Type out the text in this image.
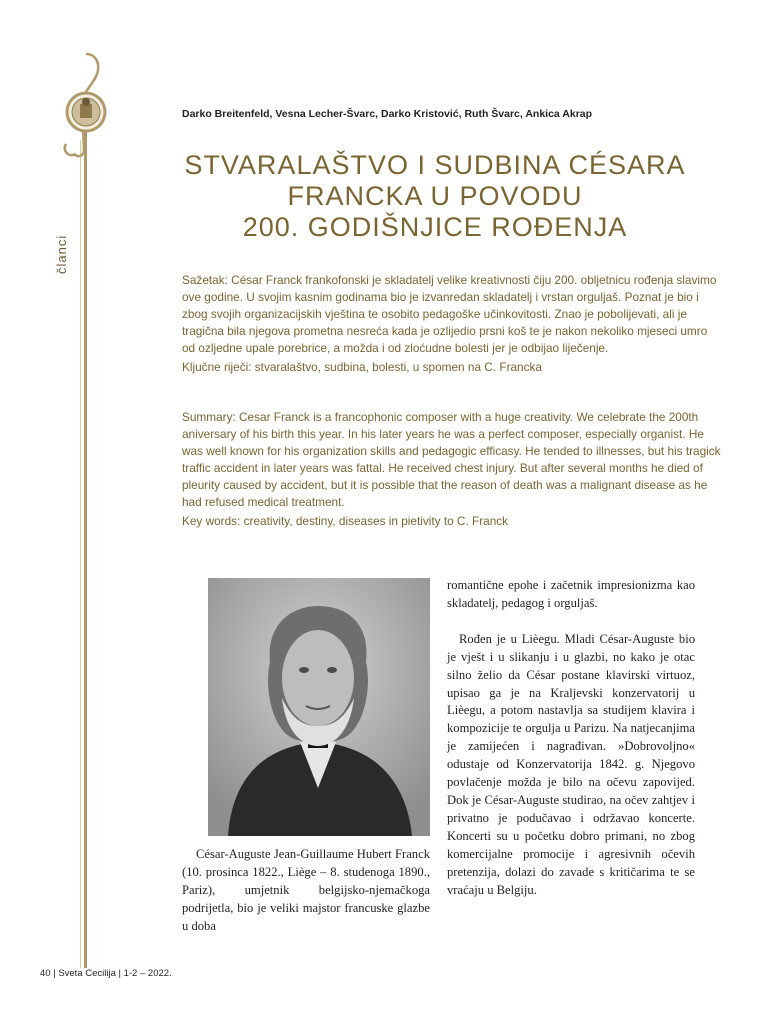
članci
Darko Breitenfeld, Vesna Lecher-Švarc, Darko Kristović, Ruth Švarc, Ankica Akrap
STVARALAŠTVO I SUDBINA CÉSARA
FRANCKA U POVODU
200. GODIŠNJICE ROĐENJA

Sažetak: César Franck frankofonski je skladatelj velike kreativnosti čiju 200. obljetnicu rođenja slavimo ove godine. U svojim kasnim godinama bio je izvanredan skladatelj i vrstan orguljaš. Poznat je bio i zbog svojih organizacijskih vještina te osobito pedagoške učinkovitosti. Znao je pobolijevati, ali je tragična bila njegova prometna nesreća kada je ozlijedio prsni koš te je nakon nekoliko mjeseci umro od ozljedne upale porebrice, a možda i od zloćudne bolesti jer je odbijao liječenje.

Ključne riječi: stvaralaštvo, sudbina, bolesti, u spomen na C. Francka

Summary: Cesar Franck is a francophonic composer with a huge creativity. We celebrate the 200th aniversary of his birth this year. In his later years he was a perfect composer, especially organist. He was well known for his organization skills and pedagogic efficasy. He tended to illnesses, but his tragick traffic accident in later years was fattal. He received chest injury. But after several months he died of pleurity caused by accident, but it is possible that the reason of death was a malignant disease as he had refused medical treatment.

Key words: creativity, destiny, diseases in pietivity to C. Franck

César-Auguste Jean-Guillaume Hubert Franck (10. prosinca 1822., Liège – 8. studenoga 1890., Pariz), umjetnik belgijsko-njemačkoga podrijetla, bio je veliki majstor francuske glazbe u doba

romantične epohe i začetnik impresionizma kao skladatelj, pedagog i orguljaš.

Rođen je u Lièegu. Mladi César-Auguste bio je vješt i u slikanju i u glazbi, no kako je otac silno želio da César postane klavirski virtuoz, upisao ga je na Kraljevski konzervatorij u Lièegu, a potom nastavlja sa studijem klavira i kompozicije te orgulja u Parizu. Na natjecanjima je zamijećen i nagrađivan. »Dobrovoljno« odustaje od Konzervatorija 1842. g. Njegovo povlačenje možda je bilo na očevu zapovijed. Dok je César-Auguste studirao, na očev zahtjev i privatno je podučavao i održavao koncerte. Koncerti su u početku dobro primani, no zbog komercijalne promocije i agresivnih očevih pretenzija, dolazi do zavade s kritičarima te se vraćaju u Belgiju.

40 | Sveta Cecilija | 1-2 – 2022.
